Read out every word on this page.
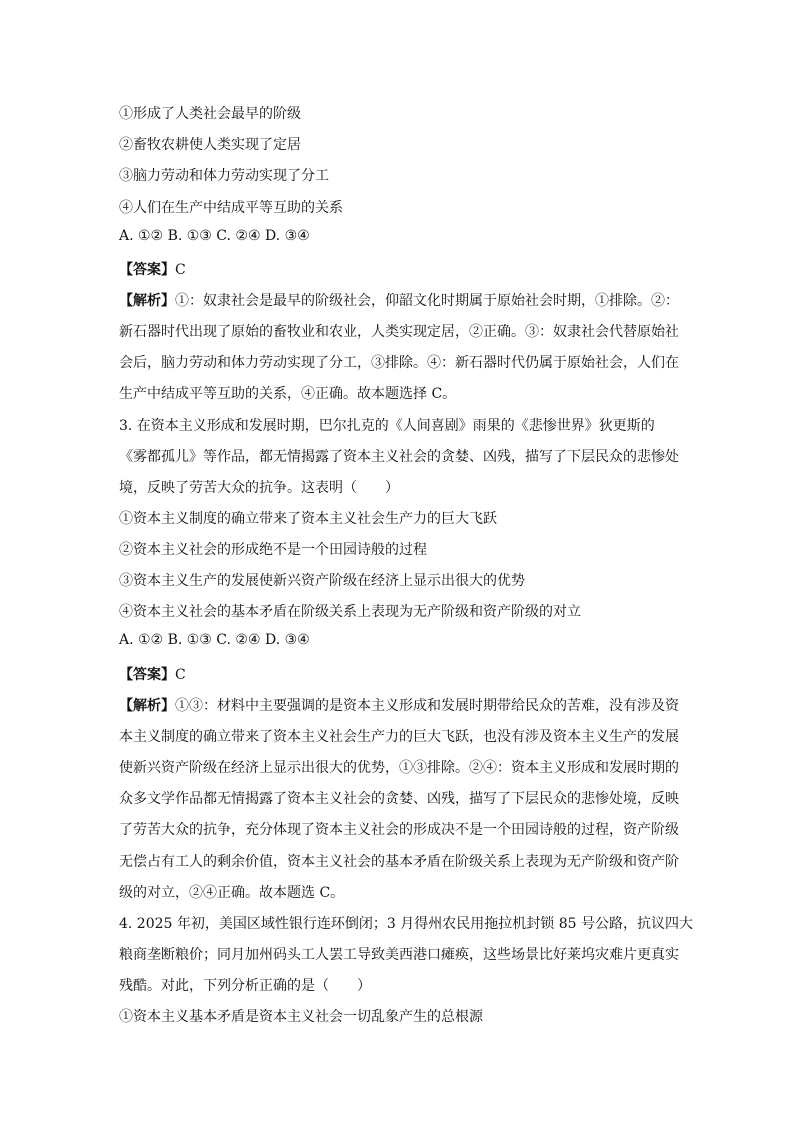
①形成了人类社会最早的阶级
②畜牧农耕使人类实现了定居
③脑力劳动和体力劳动实现了分工
④人们在生产中结成平等互助的关系
A. ①② B. ①③ C. ②④ D. ③④
【答案】C
【解析】①：奴隶社会是最早的阶级社会，仰韶文化时期属于原始社会时期，①排除。②：
新石器时代出现了原始的畜牧业和农业，人类实现定居，②正确。③：奴隶社会代替原始社
会后，脑力劳动和体力劳动实现了分工，③排除。④：新石器时代仍属于原始社会，人们在
生产中结成平等互助的关系，④正确。故本题选择 C。
3. 在资本主义形成和发展时期，巴尔扎克的《人间喜剧》雨果的《悲惨世界》狄更斯的
《雾都孤儿》等作品，都无情揭露了资本主义社会的贪婪、凶残，描写了下层民众的悲惨处
境，反映了劳苦大众的抗争。这表明（　　）
①资本主义制度的确立带来了资本主义社会生产力的巨大飞跃
②资本主义社会的形成绝不是一个田园诗般的过程
③资本主义生产的发展使新兴资产阶级在经济上显示出很大的优势
④资本主义社会的基本矛盾在阶级关系上表现为无产阶级和资产阶级的对立
A. ①② B. ①③ C. ②④ D. ③④
【答案】C
【解析】①③：材料中主要强调的是资本主义形成和发展时期带给民众的苦难，没有涉及资
本主义制度的确立带来了资本主义社会生产力的巨大飞跃，也没有涉及资本主义生产的发展
使新兴资产阶级在经济上显示出很大的优势，①③排除。②④：资本主义形成和发展时期的
众多文学作品都无情揭露了资本主义社会的贪婪、凶残，描写了下层民众的悲惨处境，反映
了劳苦大众的抗争，充分体现了资本主义社会的形成决不是一个田园诗般的过程，资产阶级
无偿占有工人的剩余价值，资本主义社会的基本矛盾在阶级关系上表现为无产阶级和资产阶
级的对立，②④正确。故本题选 C。
4. 2025 年初，美国区域性银行连环倒闭；3 月得州农民用拖拉机封锁 85 号公路，抗议四大
粮商垄断粮价；同月加州码头工人罢工导致美西港口瘫痪，这些场景比好莱坞灾难片更真实
残酷。对此，下列分析正确的是（　　）
①资本主义基本矛盾是资本主义社会一切乱象产生的总根源
